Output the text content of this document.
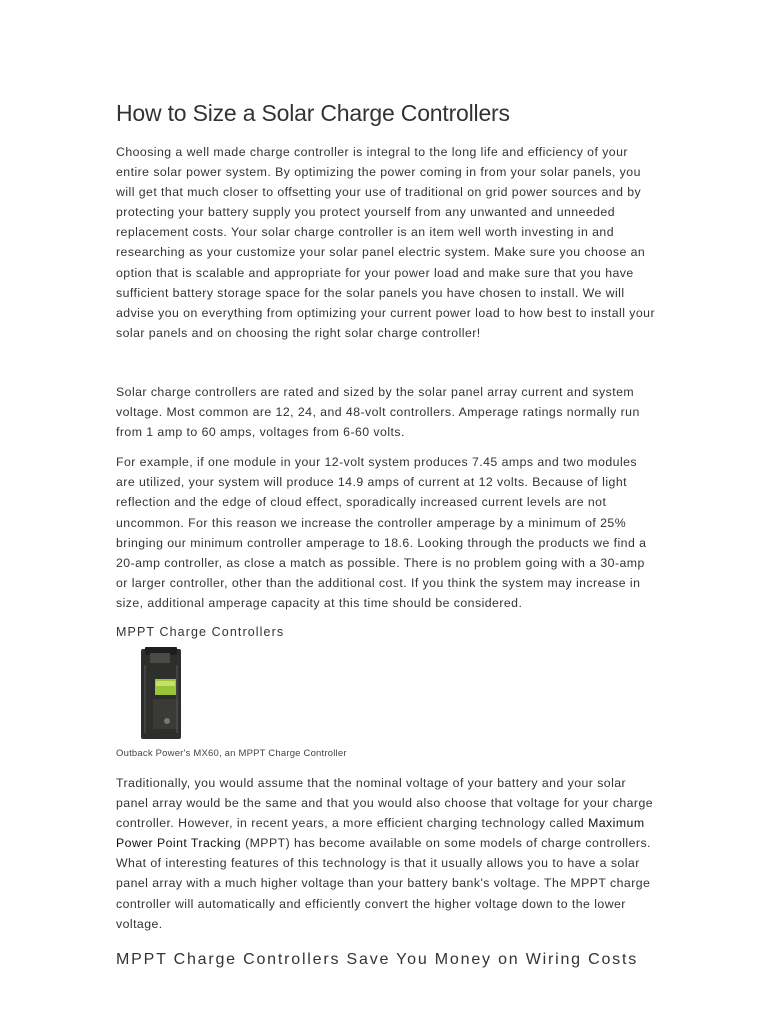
How to Size a Solar Charge Controllers

Choosing a well made charge controller is integral to the long life and efficiency of your entire solar power system. By optimizing the power coming in from your solar panels, you will get that much closer to offsetting your use of traditional on grid power sources and by protecting your battery supply you protect yourself from any unwanted and unneeded replacement costs. Your solar charge controller is an item well worth investing in and researching as your customize your solar panel electric system. Make sure you choose an option that is scalable and appropriate for your power load and make sure that you have sufficient battery storage space for the solar panels you have chosen to install. We will advise you on everything from optimizing your current power load to how best to install your solar panels and on choosing the right solar charge controller!

Solar charge controllers are rated and sized by the solar panel array current and system voltage. Most common are 12, 24, and 48-volt controllers. Amperage ratings normally run from 1 amp to 60 amps, voltages from 6-60 volts.

For example, if one module in your 12-volt system produces 7.45 amps and two modules are utilized, your system will produce 14.9 amps of current at 12 volts. Because of light reflection and the edge of cloud effect, sporadically increased current levels are not uncommon. For this reason we increase the controller amperage by a minimum of 25% bringing our minimum controller amperage to 18.6. Looking through the products we find a 20-amp controller, as close a match as possible. There is no problem going with a 30-amp or larger controller, other than the additional cost. If you think the system may increase in size, additional amperage capacity at this time should be considered.

MPPT Charge Controllers
Outback Power's MX60, an MPPT Charge Controller

Traditionally, you would assume that the nominal voltage of your battery and your solar panel array would be the same and that you would also choose that voltage for your charge controller. However, in recent years, a more efficient charging technology called Maximum Power Point Tracking (MPPT) has become available on some models of charge controllers. What of interesting features of this technology is that it usually allows you to have a solar panel array with a much higher voltage than your battery bank's voltage. The MPPT charge controller will automatically and efficiently convert the higher voltage down to the lower voltage.

MPPT Charge Controllers Save You Money on Wiring Costs
